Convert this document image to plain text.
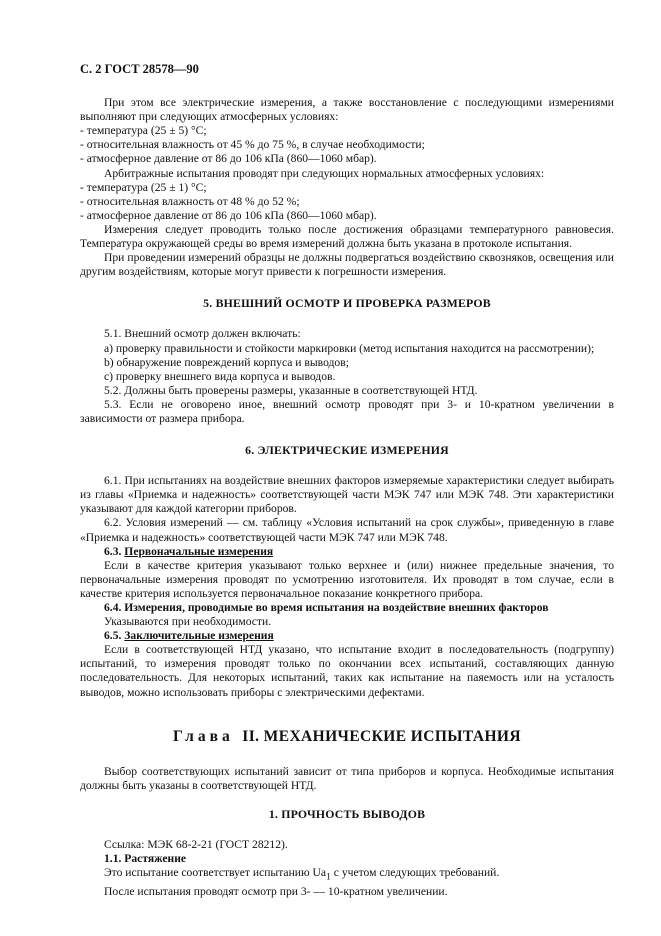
С. 2 ГОСТ 28578—90

При этом все электрические измерения, а также восстановление с последующими измерениями выполняют при следующих атмосферных условиях:

- температура (25 ± 5) °С;

- относительная влажность от 45 % до 75 %, в случае необходимости;

- атмосферное давление от 86 до 106 кПа (860—1060 мбар).

Арбитражные испытания проводят при следующих нормальных атмосферных условиях:

- температура (25 ± 1) °С;

- относительная влажность от 48 % до 52 %;

- атмосферное давление от 86 до 106 кПа (860—1060 мбар).

Измерения следует проводить только после достижения образцами температурного равновесия. Температура окружающей среды во время измерений должна быть указана в протоколе испытания.

При проведении измерений образцы не должны подвергаться воздействию сквозняков, освещения или другим воздействиям, которые могут привести к погрешности измерения.

5. ВНЕШНИЙ ОСМОТР И ПРОВЕРКА РАЗМЕРОВ

5.1. Внешний осмотр должен включать:

a) проверку правильности и стойкости маркировки (метод испытания находится на рассмотрении);

b) обнаружение повреждений корпуса и выводов;

c) проверку внешнего вида корпуса и выводов.

5.2. Должны быть проверены размеры, указанные в соответствующей НТД.

5.3. Если не оговорено иное, внешний осмотр проводят при 3- и 10-кратном увеличении в зависимости от размера прибора.

6. ЭЛЕКТРИЧЕСКИЕ ИЗМЕРЕНИЯ

6.1. При испытаниях на воздействие внешних факторов измеряемые характеристики следует выбирать из главы «Приемка и надежность» соответствующей части МЭК 747 или МЭК 748. Эти характеристики указывают для каждой категории приборов.

6.2. Условия измерений — см. таблицу «Условия испытаний на срок службы», приведенную в главе «Приемка и надежность» соответствующей части МЭК 747 или МЭК 748.

6.3. Первоначальные измерения

Если в качестве критерия указывают только верхнее и (или) нижнее предельные значения, то первоначальные измерения проводят по усмотрению изготовителя. Их проводят в том случае, если в качестве критерия используется первоначальное показание конкретного прибора.

6.4. Измерения, проводимые во время испытания на воздействие внешних факторов

Указываются при необходимости.

6.5. Заключительные измерения

Если в соответствующей НТД указано, что испытание входит в последовательность (подгруппу) испытаний, то измерения проводят только по окончании всех испытаний, составляющих данную последовательность. Для некоторых испытаний, таких как испытание на паяемость или на усталость выводов, можно использовать приборы с электрическими дефектами.

Глава II. МЕХАНИЧЕСКИЕ ИСПЫТАНИЯ

Выбор соответствующих испытаний зависит от типа приборов и корпуса. Необходимые испытания должны быть указаны в соответствующей НТД.

1. ПРОЧНОСТЬ ВЫВОДОВ

Ссылка: МЭК 68-2-21 (ГОСТ 28212).

1.1. Растяжение

Это испытание соответствует испытанию $Ua_1$ с учетом следующих требований.

После испытания проводят осмотр при 3- — 10-кратном увеличении.
